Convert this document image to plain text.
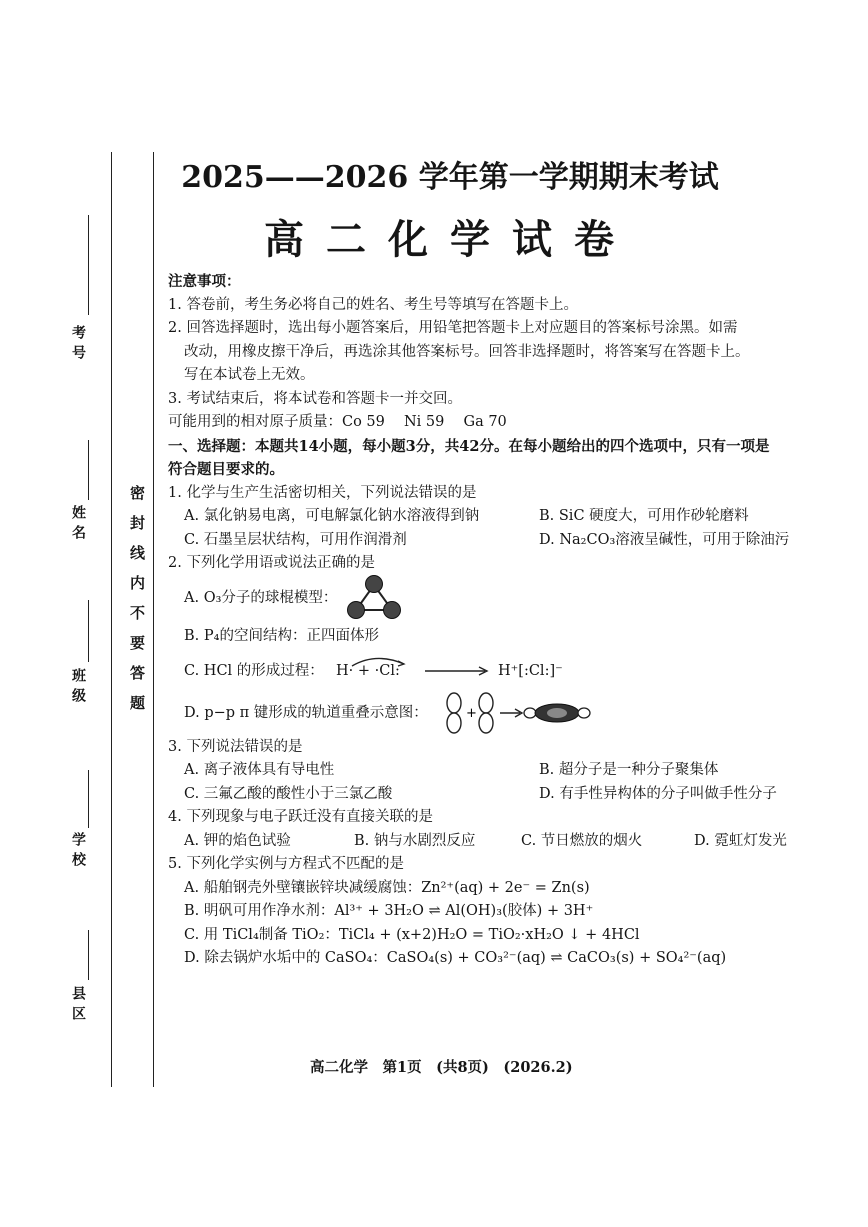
考号
姓名
班级
学校
县区
密封线内不要答题
2025——2026 学年第一学期期末考试
高二化学试卷
注意事项：
1. 答卷前，考生务必将自己的姓名、考生号等填写在答题卡上。
2. 回答选择题时，选出每小题答案后，用铅笔把答题卡上对应题目的答案标号涂黑。如需
改动，用橡皮擦干净后，再选涂其他答案标号。回答非选择题时，将答案写在答题卡上。
写在本试卷上无效。
3. 考试结束后，将本试卷和答题卡一并交回。
可能用到的相对原子质量：Co 59　 Ni 59　 Ga 70
一、选择题：本题共14小题，每小题3分，共42分。在每小题给出的四个选项中，只有一项是
符合题目要求的。
1. 化学与生产生活密切相关，下列说法错误的是
A. 氯化钠易电离，可电解氯化钠水溶液得到钠	B. SiC 硬度大，可用作砂轮磨料
C. 石墨呈层状结构，可用作润滑剂	D. Na₂CO₃溶液呈碱性，可用于除油污
2. 下列化学用语或说法正确的是
A. O₃分子的球棍模型：
B. P₄的空间结构：正四面体形
C. HCl 的形成过程： H· + ·Cl:	H⁺[:Cl:]⁻
D. p−p π 键形成的轨道重叠示意图：	+
3. 下列说法错误的是
A. 离子液体具有导电性	B. 超分子是一种分子聚集体
C. 三氟乙酸的酸性小于三氯乙酸	D. 有手性异构体的分子叫做手性分子
4. 下列现象与电子跃迁没有直接关联的是
A. 钾的焰色试验	B. 钠与水剧烈反应	C. 节日燃放的烟火	D. 霓虹灯发光
5. 下列化学实例与方程式不匹配的是
A. 船舶钢壳外壁镶嵌锌块减缓腐蚀：Zn²⁺(aq) + 2e⁻ = Zn(s)
B. 明矾可用作净水剂：Al³⁺ + 3H₂O ⇌ Al(OH)₃(胶体) + 3H⁺
C. 用 TiCl₄制备 TiO₂：TiCl₄ + (x+2)H₂O = TiO₂·xH₂O ↓ + 4HCl
D. 除去锅炉水垢中的 CaSO₄：CaSO₄(s) + CO₃²⁻(aq) ⇌ CaCO₃(s) + SO₄²⁻(aq)
高二化学　第1页　(共8页)　(2026.2)
